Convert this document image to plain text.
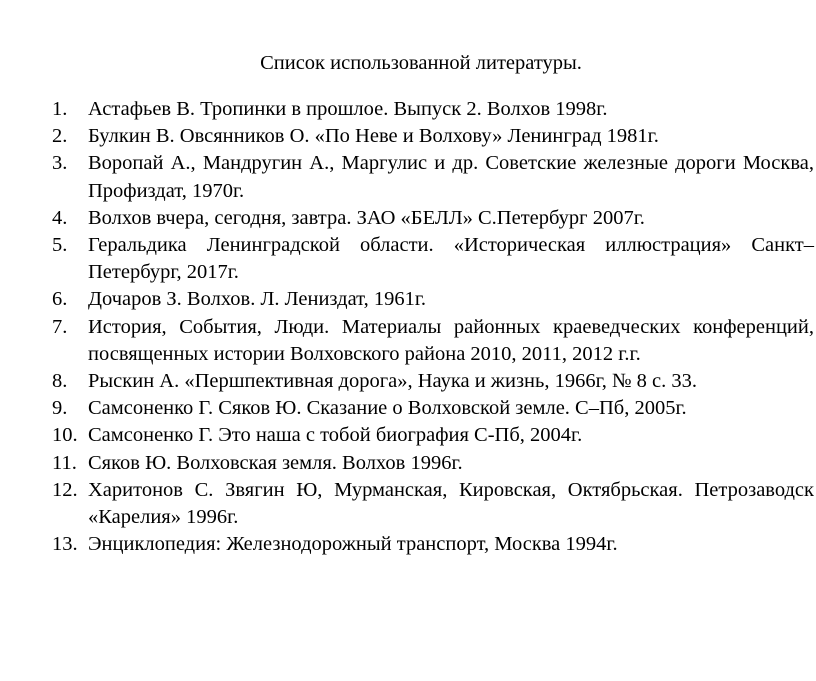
Список использованной литературы.
1. Астафьев В. Тропинки в прошлое. Выпуск 2. Волхов 1998г.
2. Булкин В. Овсянников О. «По Неве и Волхову» Ленинград 1981г.
3. Воропай А., Мандругин А., Маргулис и др. Советские железные дороги Москва, Профиздат, 1970г.
4. Волхов вчера, сегодня, завтра. ЗАО «БЕЛЛ» С.Петербург 2007г.
5. Геральдика Ленинградской области. «Историческая иллюстрация» Санкт–Петербург, 2017г.
6. Дочаров З. Волхов. Л. Лениздат, 1961г.
7. История, События, Люди. Материалы районных краеведческих конференций, посвященных истории Волховского района 2010, 2011, 2012 г.г.
8. Рыскин А. «Першпективная дорога», Наука и жизнь, 1966г, № 8 с. 33.
9. Самсоненко Г. Сяков Ю. Сказание о Волховской земле. С–Пб, 2005г.
10. Самсоненко Г. Это наша с тобой биография С-Пб, 2004г.
11. Сяков Ю. Волховская земля. Волхов 1996г.
12. Харитонов С. Звягин Ю, Мурманская, Кировская, Октябрьская. Петрозаводск «Карелия» 1996г.
13. Энциклопедия: Железнодорожный транспорт, Москва 1994г.
